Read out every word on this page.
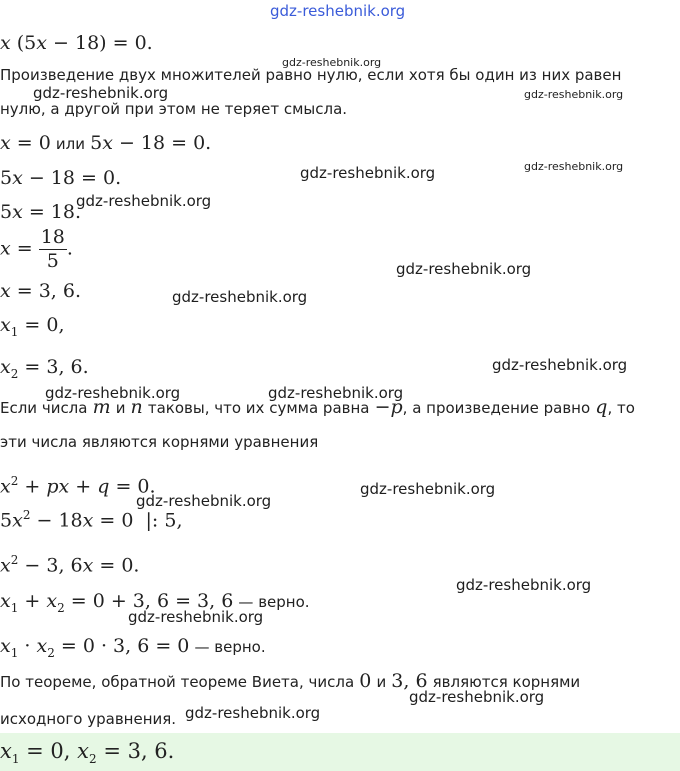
gdz-reshebnik.org
x (5x − 18) = 0.
Произведение двух множителей равно нулю, если хотя бы один из них равен
нулю, а другой при этом не теряет смысла.
x = 0 или 5x − 18 = 0.
5x − 18 = 0.
5x = 18.
$x = \frac{18}{5}$ .
x = 3, 6.
$x_1 = 0$,
$x_2 = 3$, 6.
Если числа m и n таковы, что их сумма равна −p, а произведение равно q, то
эти числа являются корнями уравнения
$x^2$ + px + q = 0.
$5x^2 - 18x = 0$  |: 5,
$x^2 - 3$, 6x = 0.
$x_1 + x_2 = 0 + 3$, 6 = 3, 6 — верно.
$x_1 \cdot x_2 = 0 \cdot 3$, 6 = 0 — верно.
По теореме, обратной теореме Виета, числа 0 и 3, 6 являются корнями
исходного уравнения.
$x_1 = 0$, $x_2 = 3$, 6.
gdz-reshebnik.org
gdz-reshebnik.org	gdz-reshebnik.org
gdz-reshebnik.org	gdz-reshebnik.org
gdz-reshebnik.org
gdz-reshebnik.org
gdz-reshebnik.org
gdz-reshebnik.org
gdz-reshebnik.org	gdz-reshebnik.org
gdz-reshebnik.org
gdz-reshebnik.org
gdz-reshebnik.org
gdz-reshebnik.org
gdz-reshebnik.org
gdz-reshebnik.org
